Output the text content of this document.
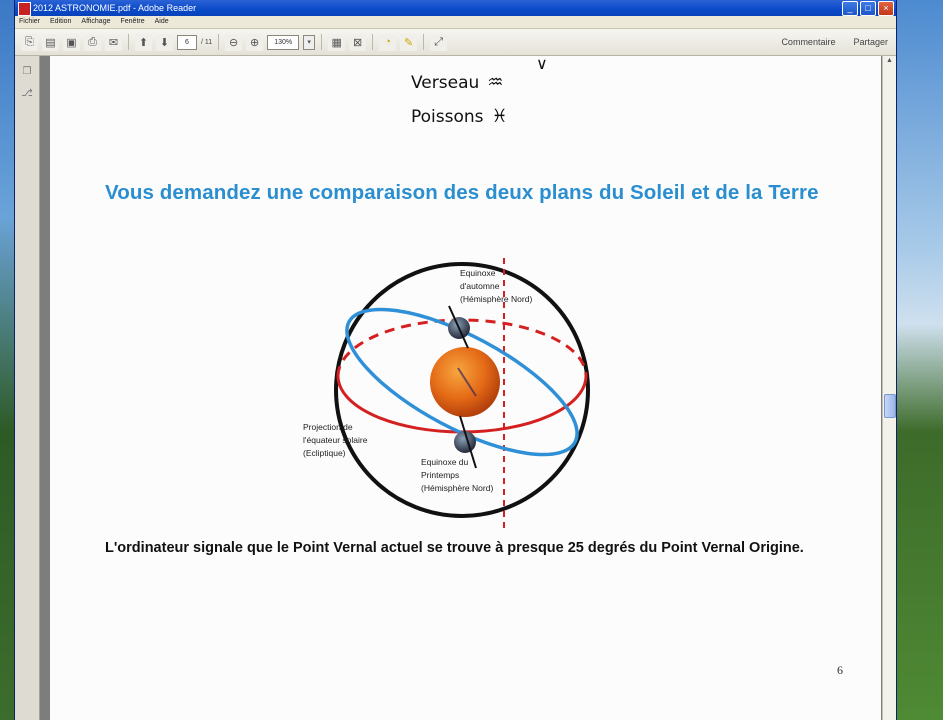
2012 ASTRONOMIE.pdf - Adobe Reader	_	□	×
Fichier Edition Affichage Fenêtre Aide
⎘	▤ ▣	⎙	✉	⬆	⬇	6	/ 11	⊖	⊕	130%	▾	▦	⊠	◔	✎	⤢	Commentaire Partager
❐
⎇
∨
Verseau ♒
Poissons ♓
Vous demandez une comparaison des deux plans du Soleil et de la Terre
Equinoxe d'automne (Hémisphère Nord)
Projection de l'équateur solaire (Ecliptique)
Equinoxe du Printemps (Hémisphère Nord)
L'ordinateur signale que le Point Vernal actuel se trouve à presque 25 degrés du Point Vernal Origine.
6
▲
